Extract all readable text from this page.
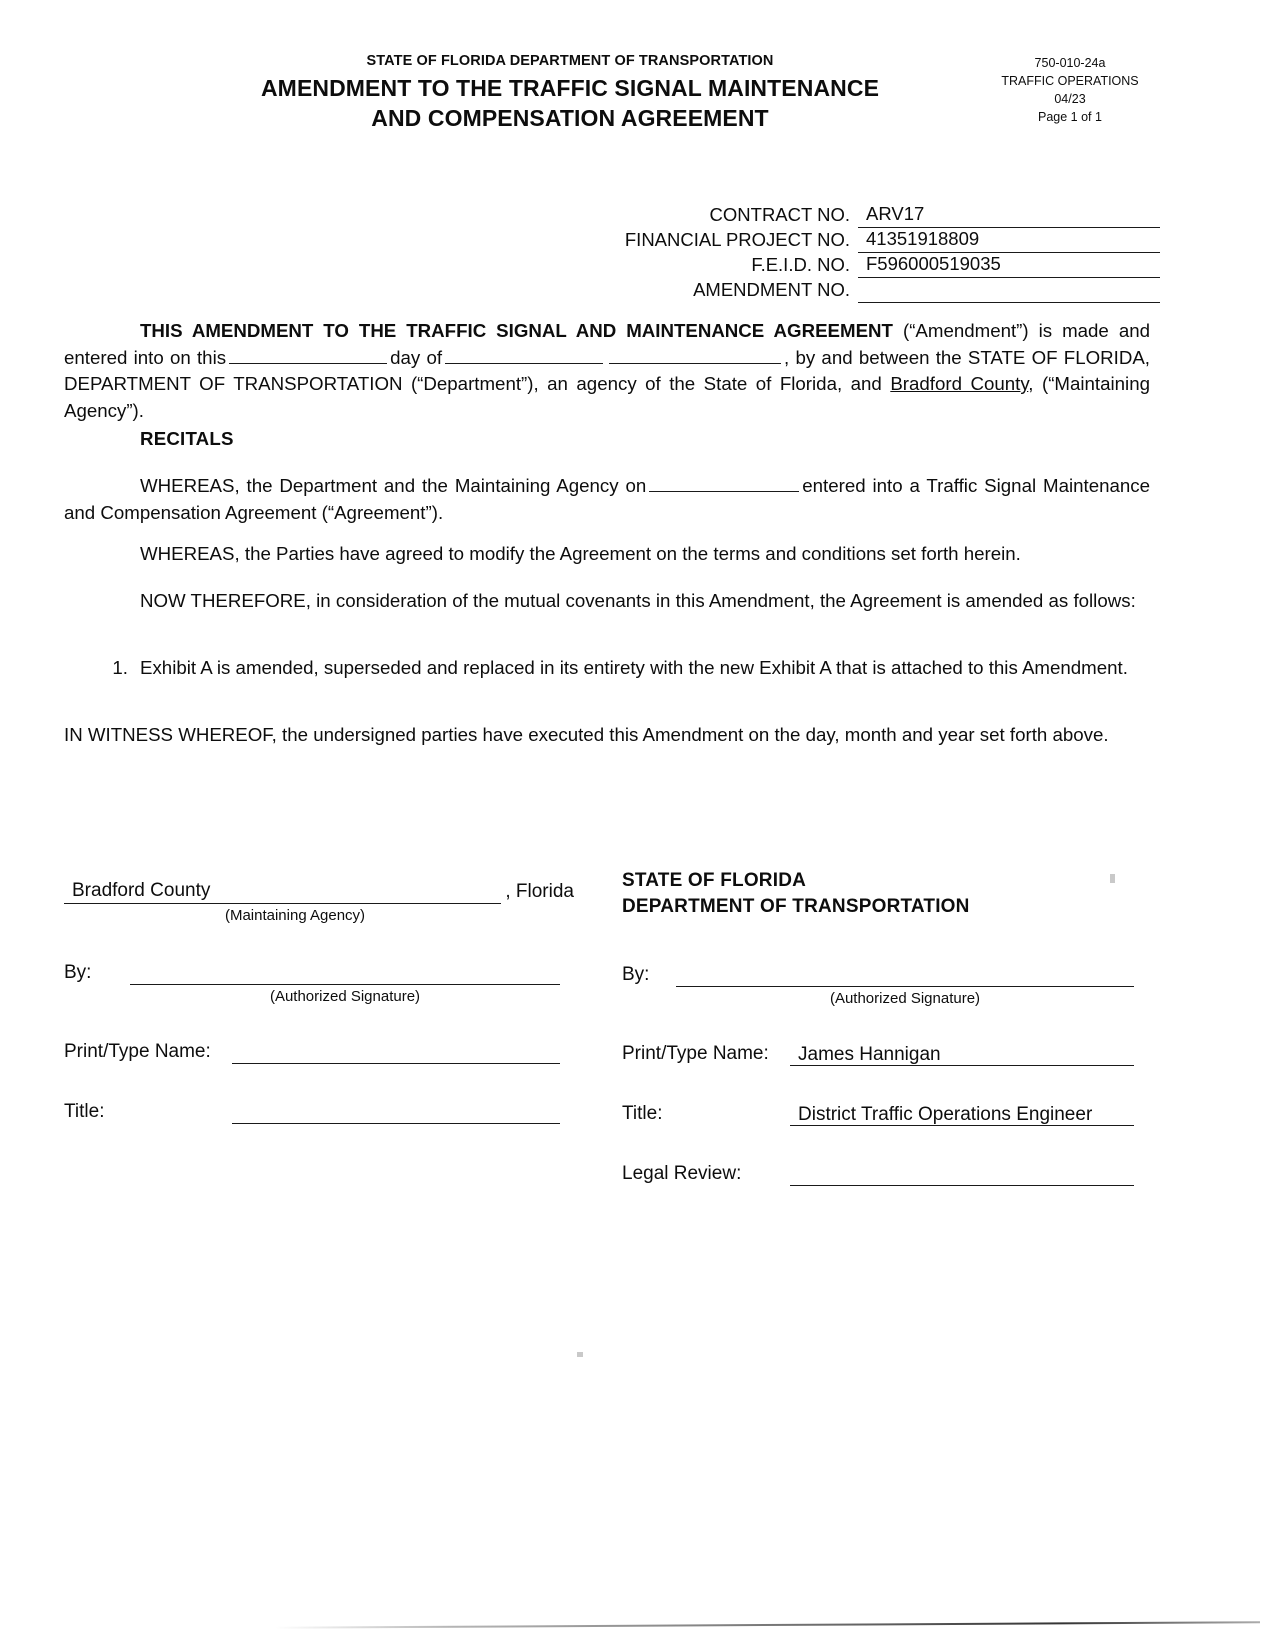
STATE OF FLORIDA DEPARTMENT OF TRANSPORTATION
AMENDMENT TO THE TRAFFIC SIGNAL MAINTENANCE
AND COMPENSATION AGREEMENT
750-010-24a
TRAFFIC OPERATIONS
04/23
Page 1 of 1
CONTRACT NO. ARV17
FINANCIAL PROJECT NO. 41351918809
F.E.I.D. NO. F596000519035
AMENDMENT NO.
THIS AMENDMENT TO THE TRAFFIC SIGNAL AND MAINTENANCE AGREEMENT (“Amendment”) is made and entered into on this	day of	, by and between the STATE OF FLORIDA, DEPARTMENT OF TRANSPORTATION (“Department”), an agency of the State of Florida, and Bradford County, (“Maintaining Agency”).
RECITALS
WHEREAS, the Department and the Maintaining Agency on	entered into a Traffic Signal Maintenance and Compensation Agreement (“Agreement”).
WHEREAS, the Parties have agreed to modify the Agreement on the terms and conditions set forth herein.
NOW THEREFORE, in consideration of the mutual covenants in this Amendment, the Agreement is amended as follows:
1. Exhibit A is amended, superseded and replaced in its entirety with the new Exhibit A that is attached to this Amendment.
IN WITNESS WHEREOF, the undersigned parties have executed this Amendment on the day, month and year set forth above.
Bradford County	, Florida
(Maintaining Agency)
By:
(Authorized Signature)
Print/Type Name:
Title:
STATE OF FLORIDA
DEPARTMENT OF TRANSPORTATION
By:
(Authorized Signature)
Print/Type Name:	James Hannigan
Title:	District Traffic Operations Engineer
Legal Review:
